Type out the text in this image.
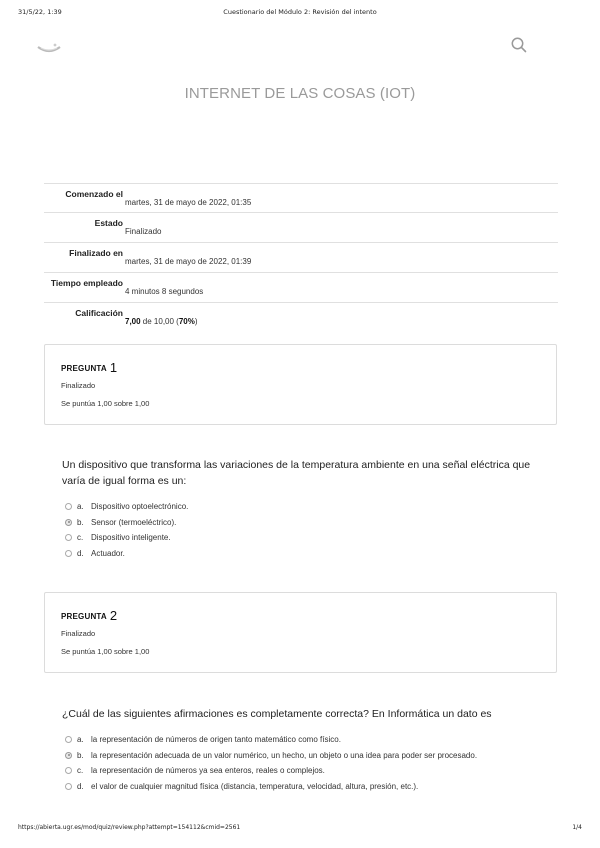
31/5/22, 1:39	Cuestionario del Módulo 2: Revisión del intento
INTERNET DE LAS COSAS (IOT)
Comenzado el
martes, 31 de mayo de 2022, 01:35
Estado
Finalizado
Finalizado en
martes, 31 de mayo de 2022, 01:39
Tiempo empleado
4 minutos 8 segundos
Calificación
7,00 de 10,00 (70%)
PREGUNTA 1
Finalizado
Se puntúa 1,00 sobre 1,00
Un dispositivo que transforma las variaciones de la temperatura ambiente en una señal eléctrica que varía de igual forma es un:
a. Dispositivo optoelectrónico.
b. Sensor (termoeléctrico).
c. Dispositivo inteligente.
d. Actuador.
PREGUNTA 2
Finalizado
Se puntúa 1,00 sobre 1,00
¿Cuál de las siguientes afirmaciones es completamente correcta? En Informática un dato es
a. la representación de números de origen tanto matemático como físico.
b. la representación adecuada de un valor numérico, un hecho, un objeto o una idea para poder ser procesado.
c. la representación de números ya sea enteros, reales o complejos.
d. el valor de cualquier magnitud física (distancia, temperatura, velocidad, altura, presión, etc.).
https://abierta.ugr.es/mod/quiz/review.php?attempt=154112&cmid=2561	1/4
